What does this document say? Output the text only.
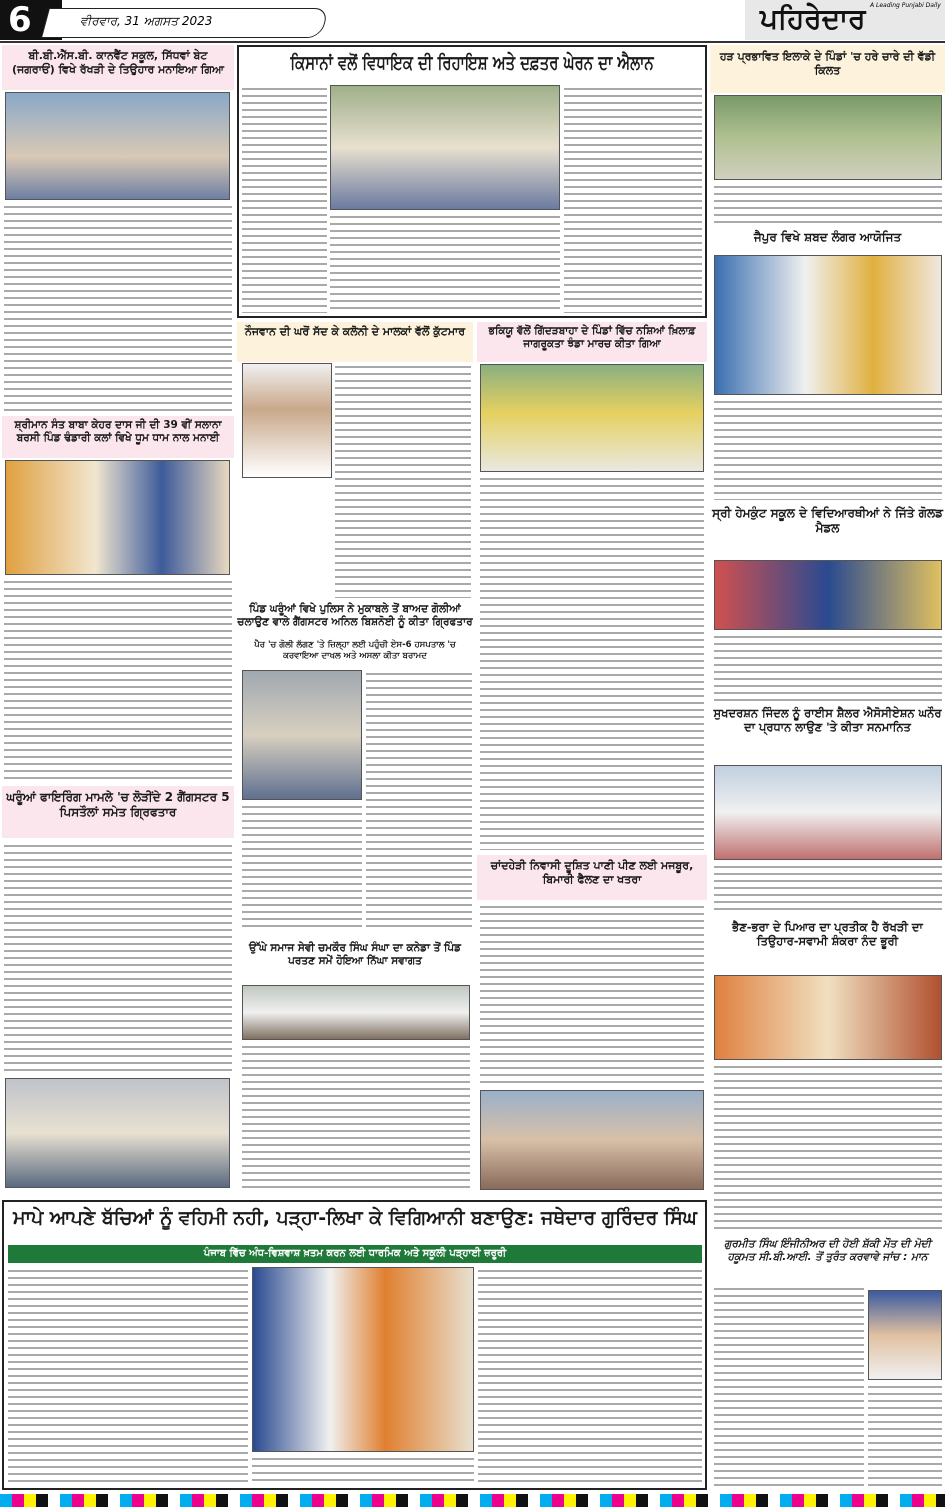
6	ਵੀਰਵਾਰ, 31 ਅਗਸਤ 2023	ਪਹਿਰੇਦਾਰ A Leading Punjabi Daily
ਬੀ.ਬੀ.ਐੱਸ.ਬੀ. ਕਾਨਵੈਂਟ ਸਕੂਲ, ਸਿੱਧਵਾਂ ਬੇਟ (ਜਗਰਾਓਂ) ਵਿਖੇ ਰੱਖੜੀ ਦੇ ਤਿਉਹਾਰ ਮਨਾਇਆ ਗਿਆ
ਸ਼੍ਰੀਮਾਨ ਸੰਤ ਬਾਬਾ ਕੇਹਰ ਦਾਸ ਜੀ ਦੀ 39 ਵੀਂ ਸਲਾਨਾ ਬਰਸੀ ਪਿੰਡ ਢੰਡਾਰੀ ਕਲਾਂ ਵਿਖੇ ਧੂਮ ਧਾਮ ਨਾਲ ਮਨਾਈ
ਘਰੂੰਆਂ ਫਾਇਰਿੰਗ ਮਾਮਲੇ 'ਚ ਲੋੜੀਂਦੇ 2 ਗੈਂਗਸਟਰ 5 ਪਿਸਤੌਲਾਂ ਸਮੇਤ ਗ੍ਰਿਫਤਾਰ
ਕਿਸਾਨਾਂ ਵਲੋਂ ਵਿਧਾਇਕ ਦੀ ਰਿਹਾਇਸ਼ ਅਤੇ ਦਫ਼ਤਰ ਘੇਰਨ ਦਾ ਐਲਾਨ
ਨੌਜਵਾਨ ਦੀ ਘਰੋਂ ਸੱਦ ਕੇ ਕਲੋਨੀ ਦੇ ਮਾਲਕਾਂ ਵੱਲੋਂ ਕੁੱਟਮਾਰ	ਭਕਿਯੂ ਵੱਲੋਂ ਗਿੱਦੜਬਾਹਾ ਦੇ ਪਿੰਡਾਂ ਵਿੱਚ ਨਸ਼ਿਆਂ ਖ਼ਿਲਾਫ਼ ਜਾਗਰੂਕਤਾ ਝੰਡਾ ਮਾਰਚ ਕੀਤਾ ਗਿਆ
ਪਿੰਡ ਘਰੂੰਆਂ ਵਿਖੇ ਪੁਲਿਸ ਨੇ ਮੁਕਾਬਲੇ ਤੋਂ ਬਾਅਦ ਗੋਲੀਆਂ ਚਲਾਉਣ ਵਾਲੇ ਗੈਂਗਸਟਰ ਅਨਿਲ ਬਿਸ਼ਨੋਈ ਨੂੰ ਕੀਤਾ ਗ੍ਰਿਫਤਾਰ
ਪੈਰ 'ਚ ਗੋਲੀ ਲੱਗਣ 'ਤੇ ਜ਼ਿਲ੍ਹਾ ਲਈ ਪਹੁੰਚੀ ਏਸ-6 ਹਸਪਤਾਲ 'ਚ ਕਰਵਾਇਆ ਦਾਖਲ ਅਤੇ ਅਸਲਾ ਕੀਤਾ ਬਰਾਮਦ
ਉੱਘੇ ਸਮਾਜ ਸੇਵੀ ਚਮਕੌਰ ਸਿੰਘ ਸੰਘਾ ਦਾ ਕਨੇਡਾ ਤੋਂ ਪਿੰਡ ਪਰਤਣ ਸਮੇਂ ਹੋਇਆ ਨਿੱਘਾ ਸਵਾਗਤ
ਚਾਂਦਹੇੜੀ ਨਿਵਾਸੀ ਦੂਸ਼ਿਤ ਪਾਣੀ ਪੀਣ ਲਈ ਮਜਬੂਰ, ਬਿਮਾਰੀ ਫੈਲਣ ਦਾ ਖਤਰਾ
ਹੜ ਪ੍ਰਭਾਵਿਤ ਇਲਾਕੇ ਦੇ ਪਿੰਡਾਂ 'ਚ ਹਰੇ ਚਾਰੇ ਦੀ ਵੱਡੀ ਕਿਲਤ
ਜੈਪੁਰ ਵਿਖੇ ਸ਼ਬਦ ਲੰਗਰ ਆਯੋਜਿਤ
ਸ੍ਰੀ ਹੇਮਕੁੰਟ ਸਕੂਲ ਦੇ ਵਿਦਿਆਰਥੀਆਂ ਨੇ ਜਿੱਤੇ ਗੋਲਡ ਮੈਡਲ
ਸੁਖਦਰਸ਼ਨ ਜਿੰਦਲ ਨੂੰ ਰਾਈਸ ਸ਼ੈਲਰ ਐਸੋਸੀਏਸ਼ਨ ਘਨੌਰ ਦਾ ਪ੍ਰਧਾਨ ਲਾਉਣ 'ਤੇ ਕੀਤਾ ਸਨਮਾਨਿਤ
ਭੈਣ-ਭਰਾ ਦੇ ਪਿਆਰ ਦਾ ਪ੍ਰਤੀਕ ਹੈ ਰੱਖੜੀ ਦਾ ਤਿਉਹਾਰ-ਸਵਾਮੀ ਸ਼ੰਕਰਾ ਨੰਦ ਭੂਰੀ
ਗੁਰਮੀਤ ਸਿੰਘ ਇੰਜੀਨੀਅਰ ਦੀ ਹੋਈ ਸ਼ੱਕੀ ਮੌਤ ਦੀ ਮੋਦੀ ਹਕੂਮਤ ਸੀ.ਬੀ.ਆਈ. ਤੋਂ ਤੁਰੰਤ ਕਰਵਾਵੇ ਜਾਂਚ : ਮਾਨ
ਮਾਪੇ ਆਪਣੇ ਬੱਚਿਆਂ ਨੂੰ ਵਹਿਮੀ ਨਹੀ, ਪੜ੍ਹਾ-ਲਿਖਾ ਕੇ ਵਿਗਿਆਨੀ ਬਣਾਉਣ: ਜਥੇਦਾਰ ਗੁਰਿੰਦਰ ਸਿੰਘ
ਪੰਜਾਬ ਵਿੱਚ ਅੰਧ-ਵਿਸ਼ਵਾਸ਼ ਖ਼ਤਮ ਕਰਨ ਲਈ ਧਾਰਮਿਕ ਅਤੇ ਸਕੂਲੀ ਪੜ੍ਹਾਈ ਜ਼ਰੂਰੀ
